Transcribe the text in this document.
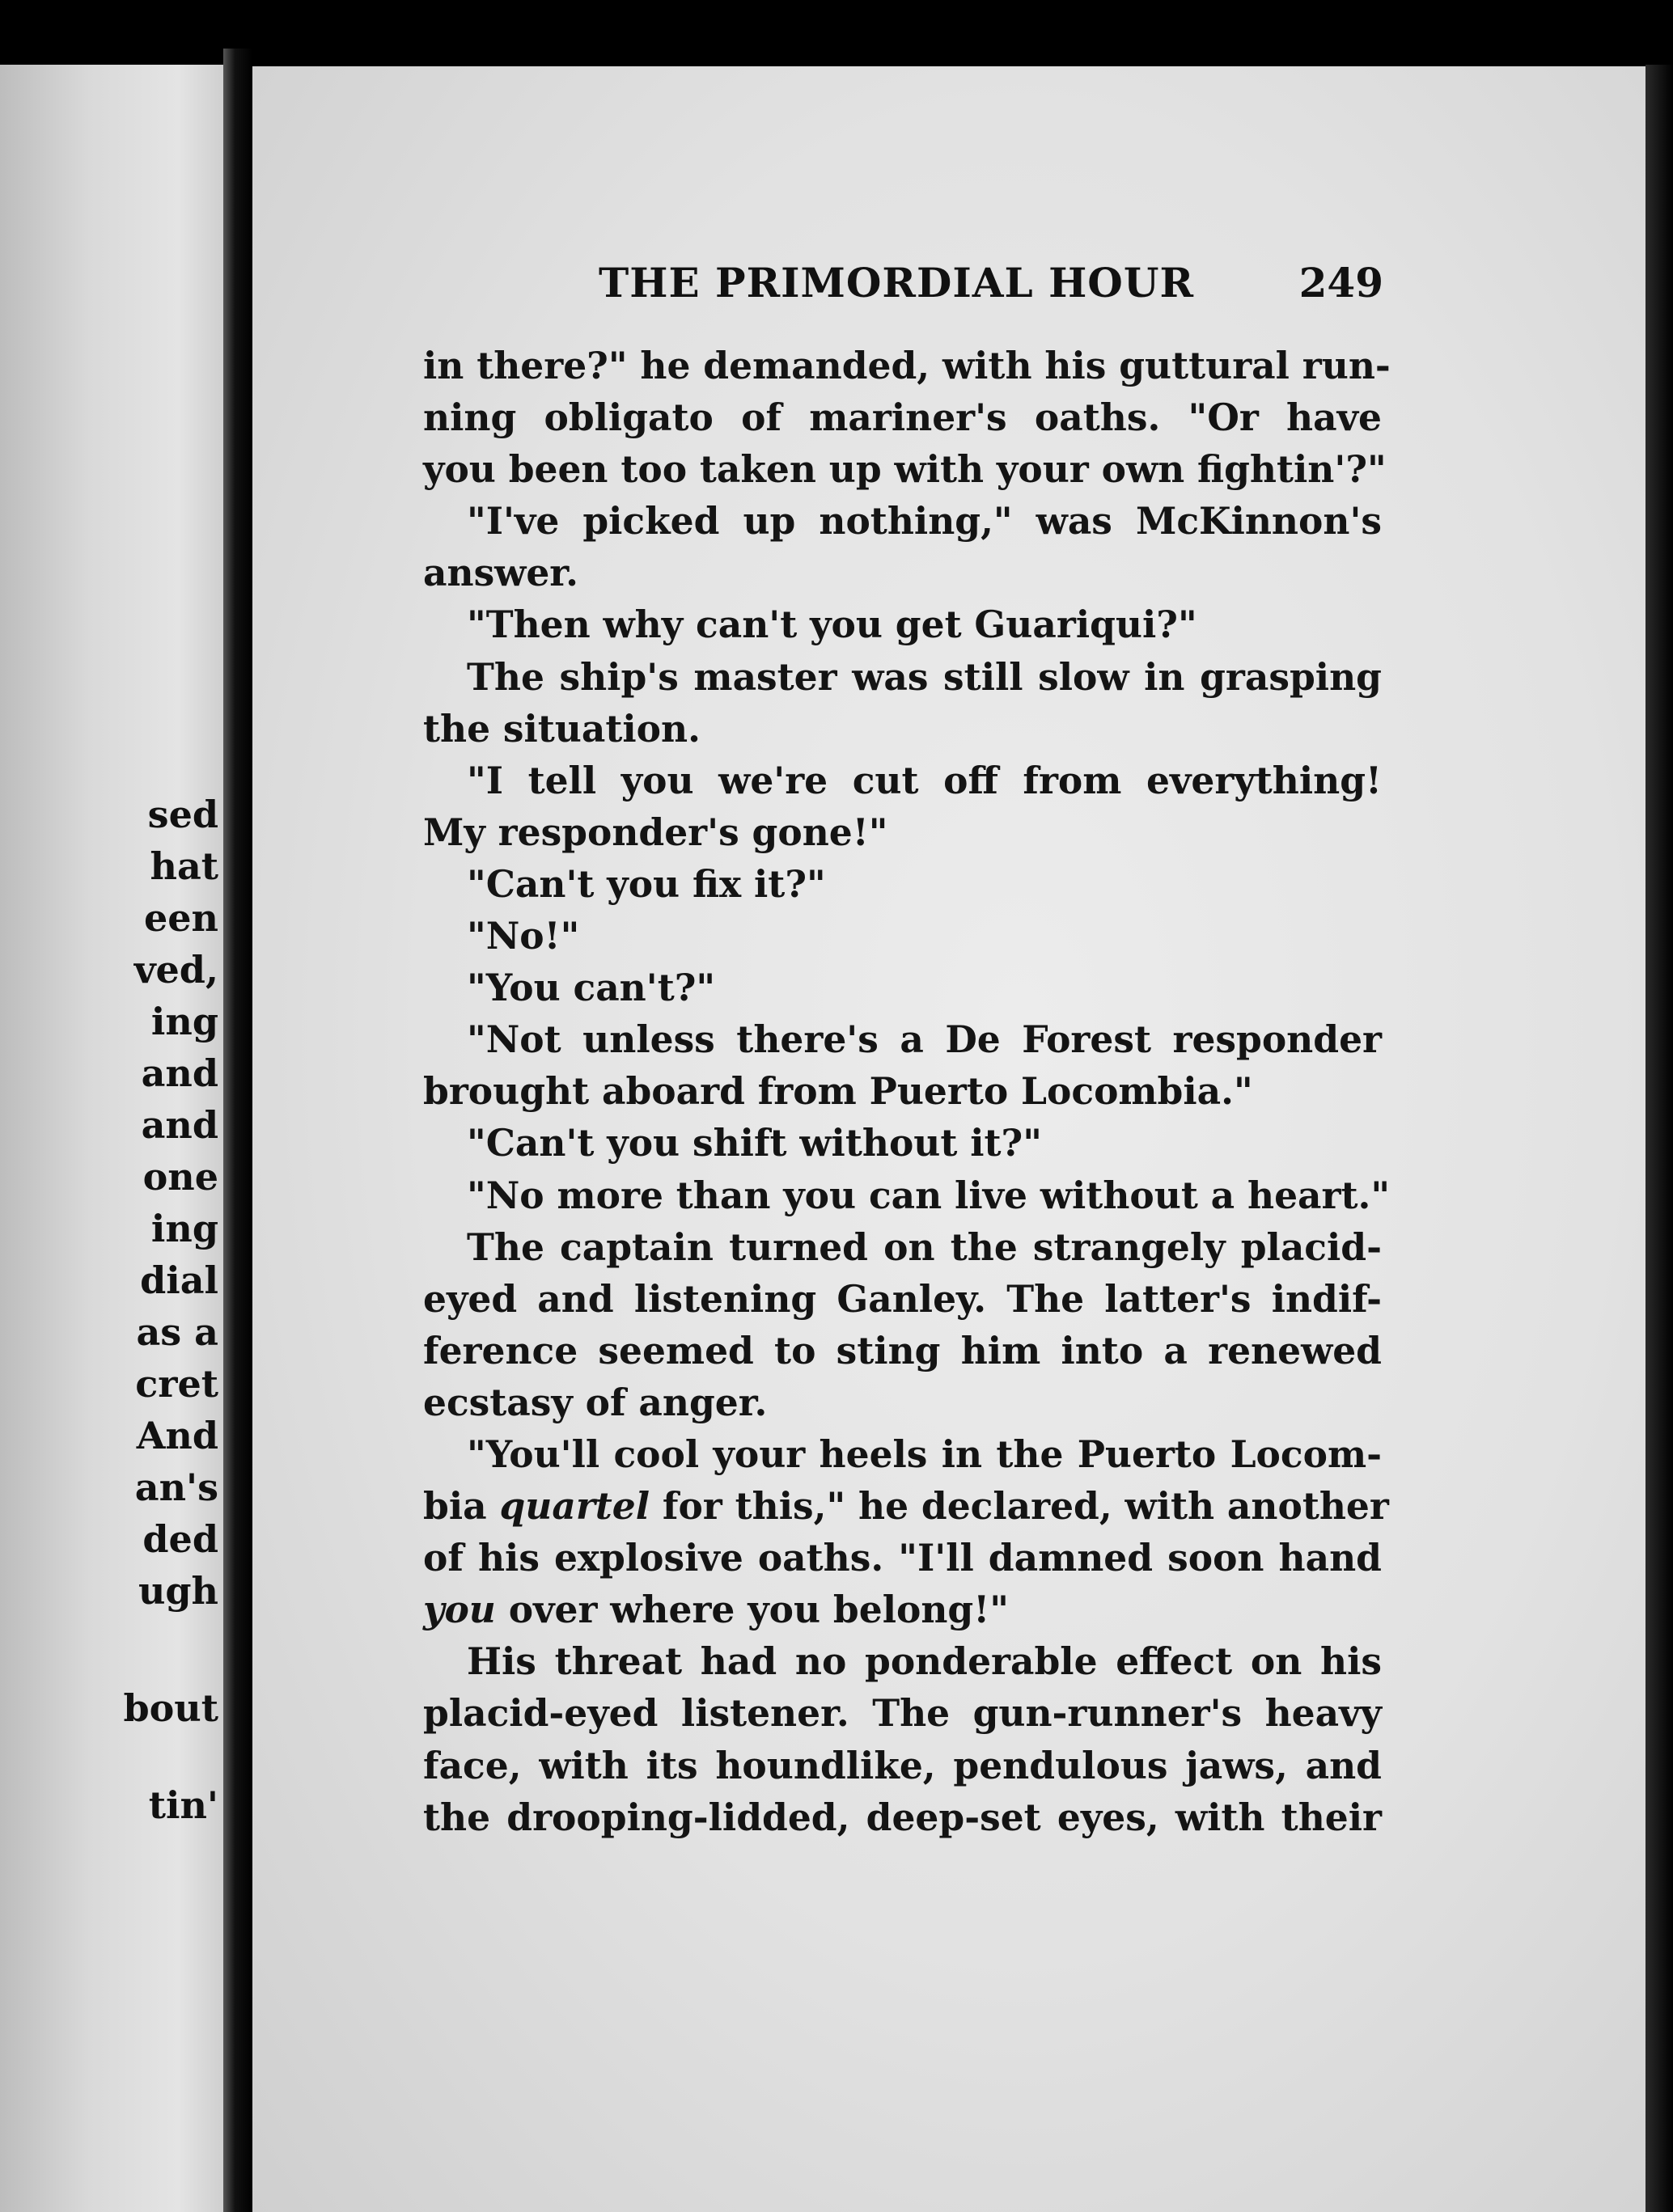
sed
hat
een
ved,
ing
and
and
one
ing
dial
as a
cret
And
an's
ded
ugh
bout
tin'
THE PRIMORDIAL HOUR	249
in there?" he demanded, with his guttural run-
ning obligato of mariner's oaths. "Or have
you been too taken up with your own fightin'?"
"I've picked up nothing," was McKinnon's
answer.
"Then why can't you get Guariqui?"
The ship's master was still slow in grasping
the situation.
"I tell you we're cut off from everything!
My responder's gone!"
"Can't you fix it?"
"No!"
"You can't?"
"Not unless there's a De Forest responder
brought aboard from Puerto Locombia."
"Can't you shift without it?"
"No more than you can live without a heart."
The captain turned on the strangely placid-
eyed and listening Ganley. The latter's indif-
ference seemed to sting him into a renewed
ecstasy of anger.
"You'll cool your heels in the Puerto Locom-
bia quartel for this," he declared, with another
of his explosive oaths. "I'll damned soon hand
you over where you belong!"
His threat had no ponderable effect on his
placid-eyed listener. The gun-runner's heavy
face, with its houndlike, pendulous jaws, and
the drooping-lidded, deep-set eyes, with their
